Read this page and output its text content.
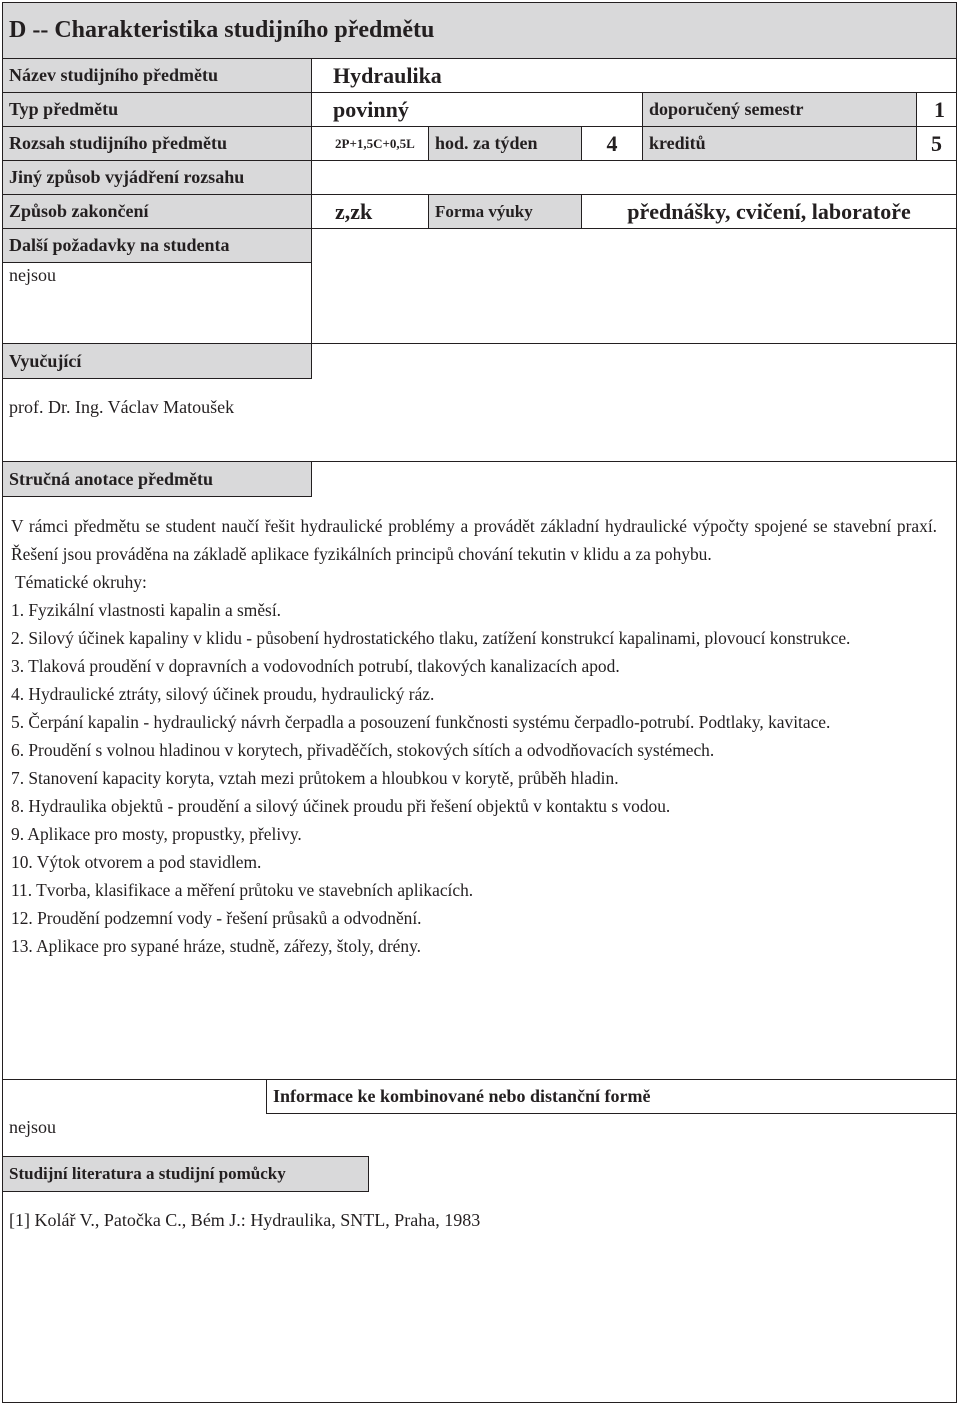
D -- Charakteristika studijního předmětu
Název studijního předmětu	Hydraulika
Typ předmětu	povinný	doporučený semestr	1
Rozsah studijního předmětu	2P+1,5C+0,5L	hod. za týden	4	kreditů	5
Jiný způsob vyjádření rozsahu
Způsob zakončení	z,zk	Forma výuky	přednášky, cvičení, laboratoře
Další požadavky na studenta
nejsou
Vyučující
prof. Dr. Ing. Václav Matoušek
Stručná anotace předmětu

V rámci předmětu se student naučí řešit hydraulické problémy a provádět základní hydraulické výpočty spojené se stavební praxí. Řešení jsou prováděna na základě aplikace fyzikálních principů chování tekutin v klidu a za pohybu.

Tématické okruhy:

1. Fyzikální vlastnosti kapalin a směsí.

2. Silový účinek kapaliny v klidu - působení hydrostatického tlaku, zatížení konstrukcí kapalinami, plovoucí konstrukce.

3. Tlaková proudění v dopravních a vodovodních potrubí, tlakových kanalizacích apod.

4. Hydraulické ztráty, silový účinek proudu, hydraulický ráz.

5. Čerpání kapalin - hydraulický návrh čerpadla a posouzení funkčnosti systému čerpadlo-potrubí. Podtlaky, kavitace.

6. Proudění s volnou hladinou v korytech, přivaděčích, stokových sítích a odvodňovacích systémech.

7. Stanovení kapacity koryta, vztah mezi průtokem a hloubkou v korytě, průběh hladin.

8. Hydraulika objektů - proudění a silový účinek proudu při řešení objektů v kontaktu s vodou.

9. Aplikace pro mosty, propustky, přelivy.

10. Výtok otvorem a pod stavidlem.

11. Tvorba, klasifikace a měření průtoku ve stavebních aplikacích.

12. Proudění podzemní vody - řešení průsaků a odvodnění.

13. Aplikace pro sypané hráze, studně, zářezy, štoly, drény.

Informace ke kombinované nebo distanční formě
nejsou
Studijní literatura a studijní pomůcky
[1] Kolář V., Patočka C., Bém J.: Hydraulika, SNTL, Praha, 1983
